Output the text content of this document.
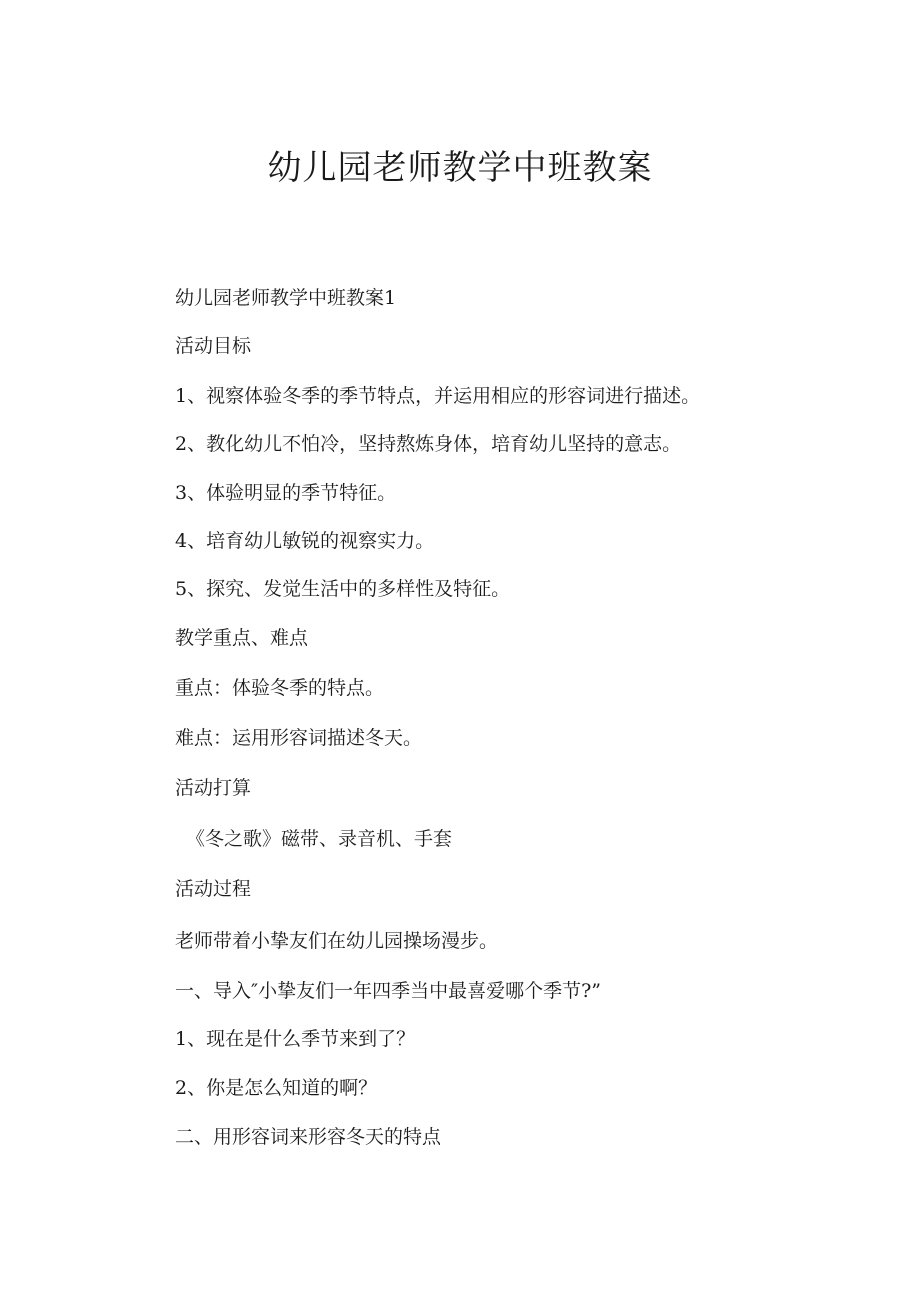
幼儿园老师教学中班教案

幼儿园老师教学中班教案1

活动目标

1、视察体验冬季的季节特点，并运用相应的形容词进行描述。

2、教化幼儿不怕冷，坚持熬炼身体，培育幼儿坚持的意志。

3、体验明显的季节特征。

4、培育幼儿敏锐的视察实力。

5、探究、发觉生活中的多样性及特征。

教学重点、难点

重点：体验冬季的特点。

难点：运用形容词描述冬天。

活动打算

《冬之歌》磁带、录音机、手套

活动过程

老师带着小挚友们在幼儿园操场漫步。

一、导入″小挚友们一年四季当中最喜爱哪个季节?”

1、现在是什么季节来到了？

2、你是怎么知道的啊？

二、用形容词来形容冬天的特点
